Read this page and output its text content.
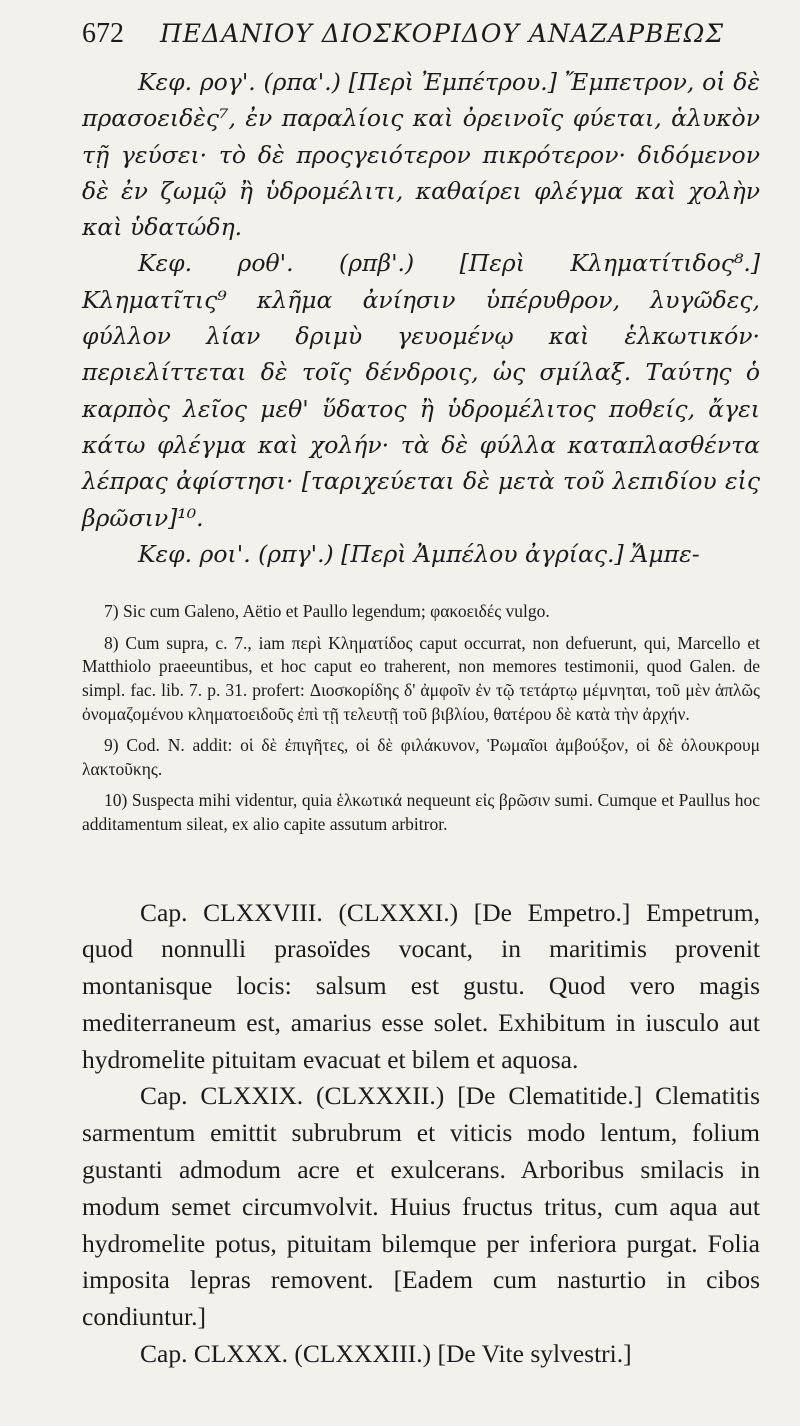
672	ΠΕΔΑΝΙΟΥ ΔΙΟΣΚΟΡΙΔΟΥ ΑΝΑΖΑΡΒΕΩΣ

Κεφ. ρογ'. (ρπα'.) [Περὶ Ἐμπέτρου.] Ἔμπετρον, οἱ δὲ πρασοειδὲς⁷, ἐν παραλίοις καὶ ὀρεινοῖς φύεται, ἁλυκὸν τῇ γεύσει· τὸ δὲ προςγειότερον πικρότερον· διδόμενον δὲ ἐν ζωμῷ ἢ ὑδρομέλιτι, καθαίρει φλέγμα καὶ χολὴν καὶ ὑδατώδη.

Κεφ. ροθ'. (ρπβ'.) [Περὶ Κληματίτιδος⁸.] Κληματῖτις⁹ κλῆμα ἀνίησιν ὑπέρυθρον, λυγῶδες, φύλλον λίαν δριμὺ γευομένῳ καὶ ἑλκωτικόν· περιελίττεται δὲ τοῖς δένδροις, ὡς σμίλαξ. Ταύτης ὁ καρπὸς λεῖος μεθ' ὕδατος ἢ ὑδρομέλιτος ποθείς, ἄγει κάτω φλέγμα καὶ χολήν· τὰ δὲ φύλλα καταπλασθέντα λέπρας ἀφίστησι· [ταριχεύεται δὲ μετὰ τοῦ λεπιδίου εἰς βρῶσιν]¹⁰.

Κεφ. ροι'. (ρπγ'.) [Περὶ Ἀμπέλου ἀγρίας.] Ἄμπε-

7) Sic cum Galeno, Aëtio et Paullo legendum; φακοειδές vulgo.

8) Cum supra, c. 7., iam περὶ Κληματίδος caput occurrat, non defuerunt, qui, Marcello et Matthiolo praeeuntibus, et hoc caput eo traherent, non memores testimonii, quod Galen. de simpl. fac. lib. 7. p. 31. profert: Διοσκορίδης δ' ἀμφοῖν ἐν τῷ τετάρτῳ μέμνηται, τοῦ μὲν ἁπλῶς ὀνομαζομένου κληματοειδοῦς ἐπὶ τῇ τελευτῇ τοῦ βιβλίου, θατέρου δὲ κατὰ τὴν ἀρχήν.

9) Cod. N. addit: οἱ δὲ ἐπιγῆτες, οἱ δὲ φιλάκυνον, Ῥωμαῖοι ἀμβούξον, οἱ δὲ ὀλουκρουμ λακτοῦκης.

10) Suspecta mihi videntur, quia ἑλκωτικά nequeunt εἰς βρῶσιν sumi. Cumque et Paullus hoc additamentum sileat, ex alio capite assutum arbitror.

Cap. CLXXVIII. (CLXXXI.) [De Empetro.] Empetrum, quod nonnulli prasoïdes vocant, in maritimis provenit montanisque locis: salsum est gustu. Quod vero magis mediterraneum est, amarius esse solet. Exhibitum in iusculo aut hydromelite pituitam evacuat et bilem et aquosa.

Cap. CLXXIX. (CLXXXII.) [De Clematitide.] Clematitis sarmentum emittit subrubrum et viticis modo lentum, folium gustanti admodum acre et exulcerans. Arboribus smilacis in modum semet circumvolvit. Huius fructus tritus, cum aqua aut hydromelite potus, pituitam bilemque per inferiora purgat. Folia imposita lepras removent. [Eadem cum nasturtio in cibos condiuntur.]

Cap. CLXXX. (CLXXXIII.) [De Vite sylvestri.]
